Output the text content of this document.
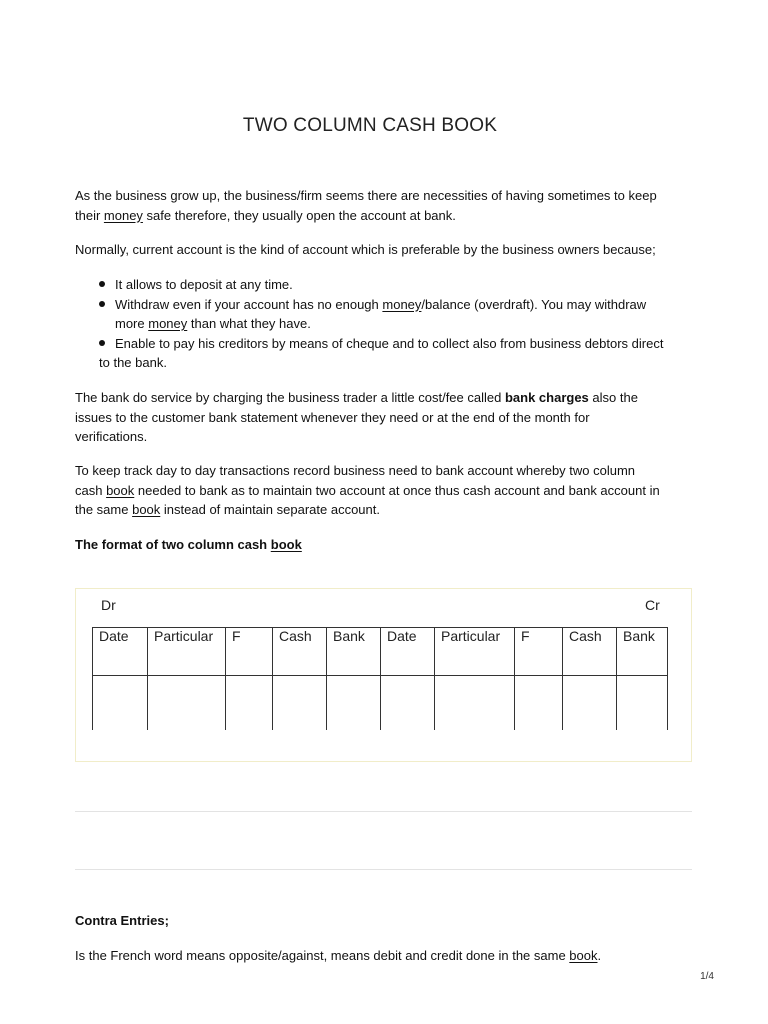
TWO COLUMN CASH BOOK
As the business grow up, the business/firm seems there are necessities of having sometimes to keep
their money safe therefore, they usually open the account at bank.
Normally, current account is the kind of account which is preferable by the business owners because;
It allows to deposit at any time.
Withdraw even if your account has no enough money/balance (overdraft). You may withdraw
more money than what they have.
Enable to pay his creditors by means of cheque and to collect also from business debtors direct
to the bank.
The bank do service by charging the business trader a little cost/fee called bank charges also the
issues to the customer bank statement whenever they need or at the end of the month for
verifications.
To keep track day to day transactions record business need to bank account whereby two column
cash book needed to bank as to maintain two account at once thus cash account and bank account in
the same book instead of maintain separate account.
The format of two column cash book
Dr	Cr
Date	Particular	F	Cash	Bank	Date	Particular	F	Cash	Bank

Contra Entries;
Is the French word means opposite/against, means debit and credit done in the same book.
1/4
